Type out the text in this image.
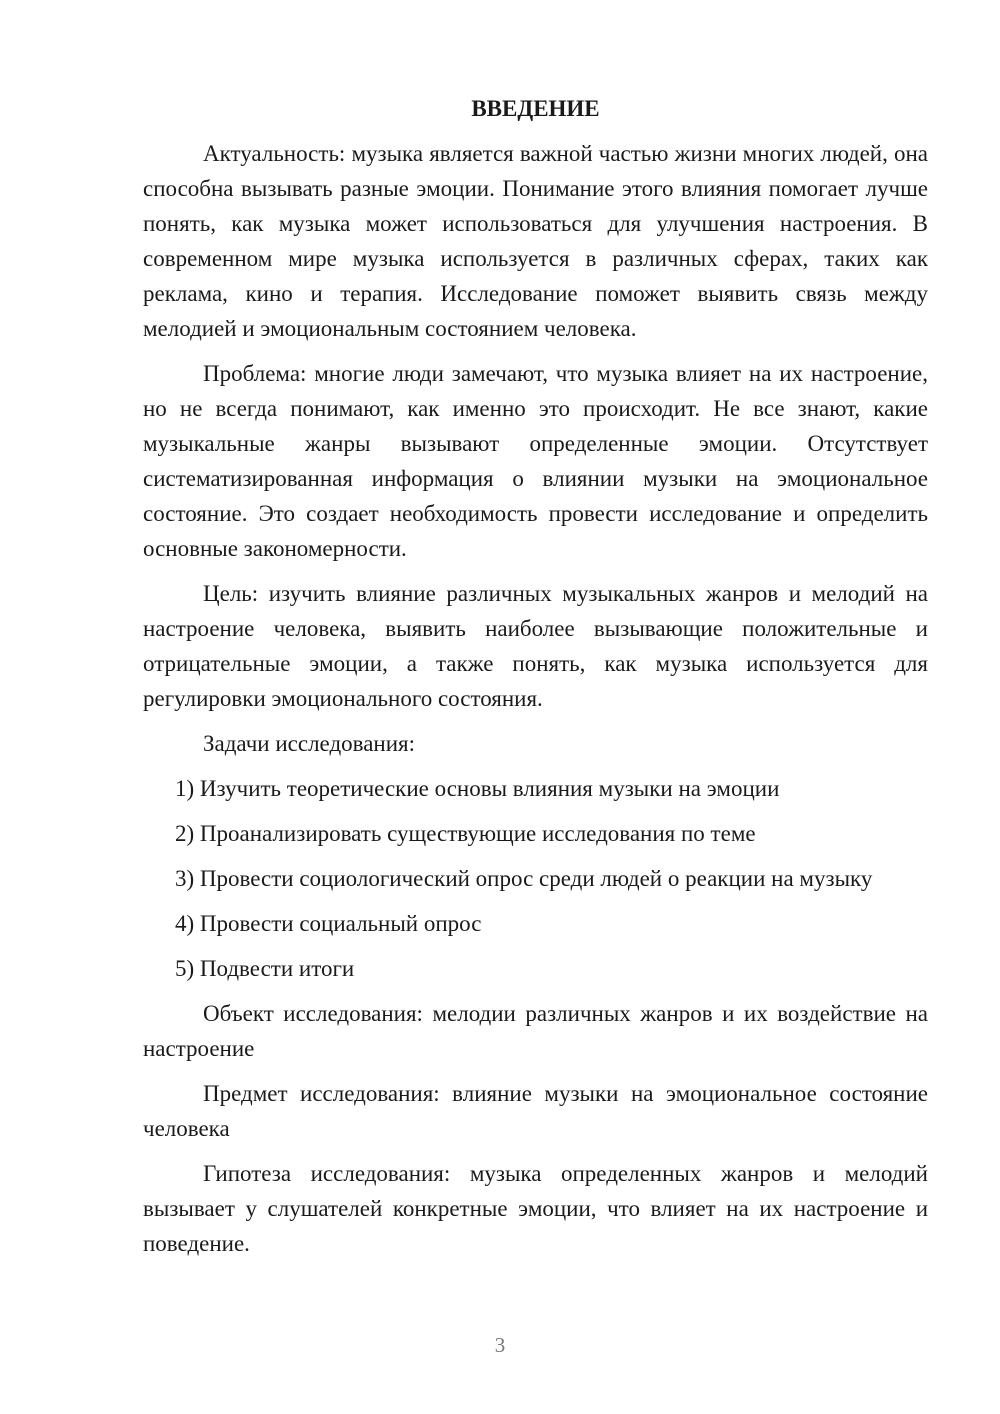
ВВЕДЕНИЕ

Актуальность: музыка является важной частью жизни многих людей, она способна вызывать разные эмоции. Понимание этого влияния помогает лучше понять, как музыка может использоваться для улучшения настроения. В современном мире музыка используется в различных сферах, таких как реклама, кино и терапия. Исследование поможет выявить связь между мелодией и эмоциональным состоянием человека.

Проблема: многие люди замечают, что музыка влияет на их настроение, но не всегда понимают, как именно это происходит. Не все знают, какие музыкальные жанры вызывают определенные эмоции. Отсутствует систематизированная информация о влиянии музыки на эмоциональное состояние. Это создает необходимость провести исследование и определить основные закономерности.

Цель: изучить влияние различных музыкальных жанров и мелодий на настроение человека, выявить наиболее вызывающие положительные и отрицательные эмоции, а также понять, как музыка используется для регулировки эмоционального состояния.

Задачи исследования:

1) Изучить теоретические основы влияния музыки на эмоции
2) Проанализировать существующие исследования по теме
3) Провести социологический опрос среди людей о реакции на музыку
4) Провести социальный опрос
5) Подвести итоги

Объект исследования: мелодии различных жанров и их воздействие на настроение

Предмет исследования: влияние музыки на эмоциональное состояние человека

Гипотеза исследования: музыка определенных жанров и мелодий вызывает у слушателей конкретные эмоции, что влияет на их настроение и поведение.

3
